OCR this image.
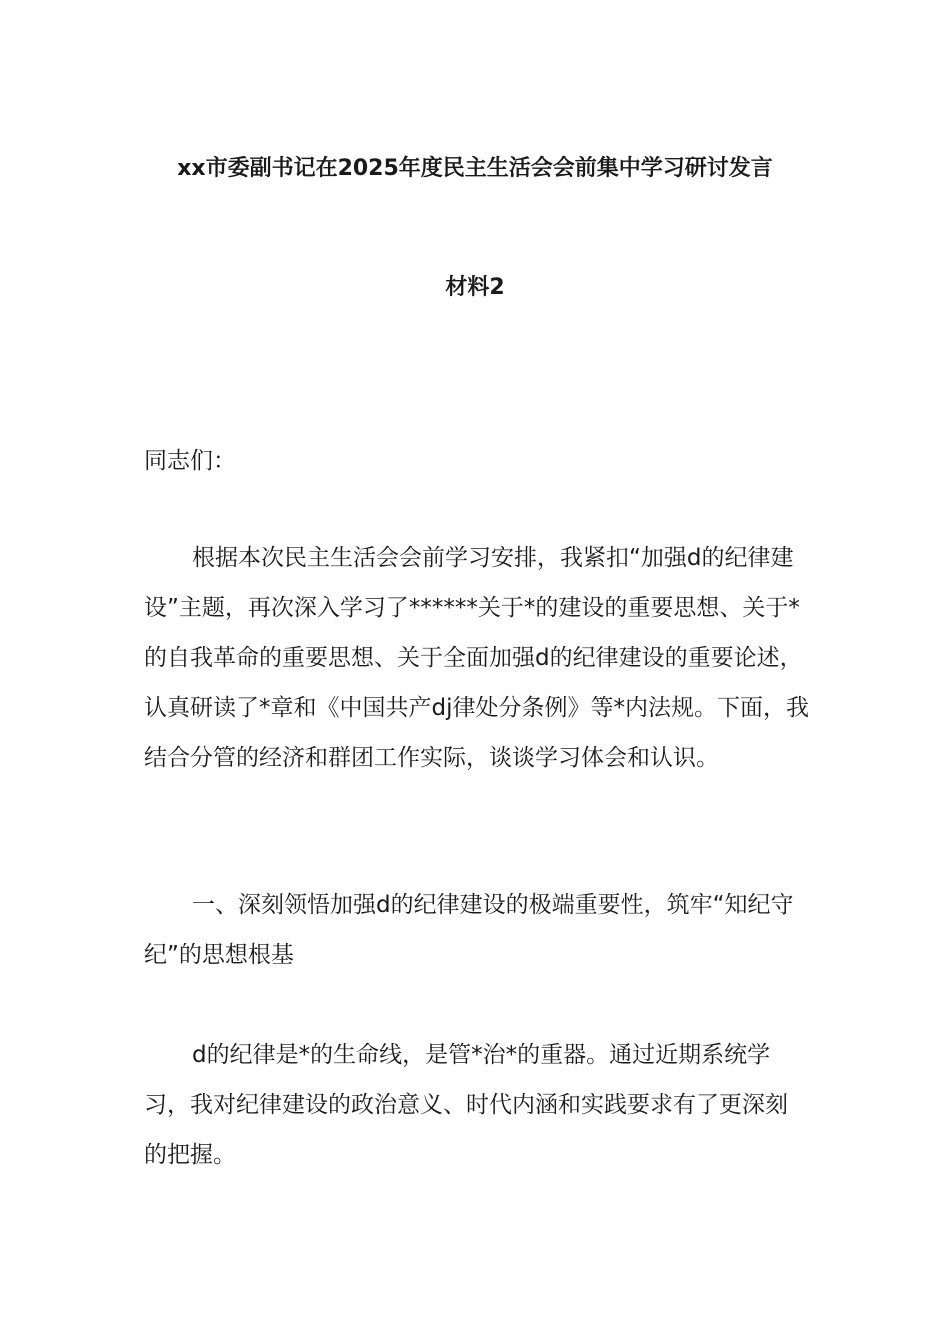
xx市委副书记在2025年度民主生活会会前集中学习研讨发言
材料2

同志们：

根据本次民主生活会会前学习安排，我紧扣“加强d的纪律建设”主题，再次深入学习了******关于*的建设的重要思想、关于*的自我革命的重要思想、关于全面加强d的纪律建设的重要论述，认真研读了*章和《中国共产dj律处分条例》等*内法规。下面，我结合分管的经济和群团工作实际，谈谈学习体会和认识。

一、深刻领悟加强d的纪律建设的极端重要性，筑牢“知纪守纪”的思想根基

d的纪律是*的生命线，是管*治*的重器。通过近期系统学习，我对纪律建设的政治意义、时代内涵和实践要求有了更深刻的把握。
